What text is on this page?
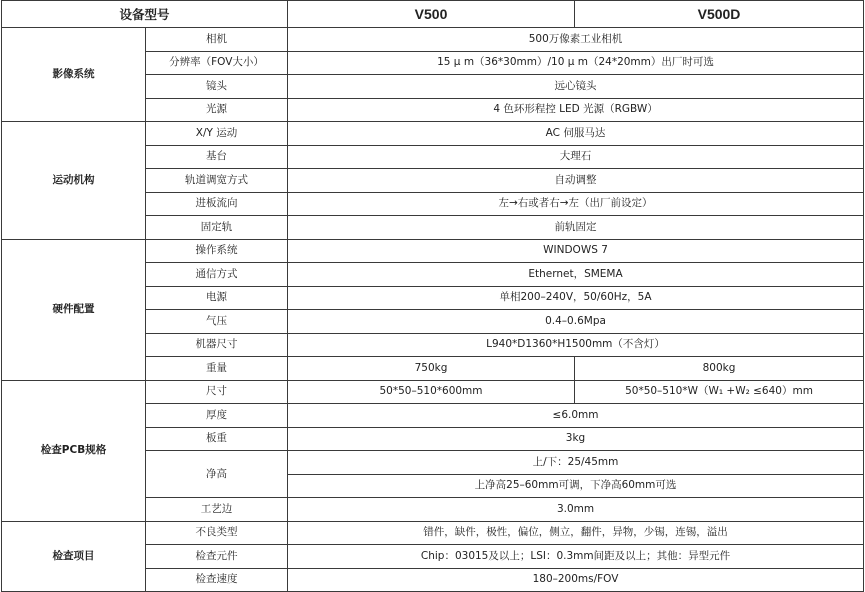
设备型号		V500	V500D
影像系统	相机	500万像素工业相机	
	分辨率（FOV大小）	15 μ m（36*30mm）/10 μ m（24*20mm）出厂时可选	
	镜头	远心镜头	
	光源	4 色环形程控 LED 光源（RGBW）	
运动机构	X/Y 运动	AC 伺服马达	
	基台	大理石	
	轨道调宽方式	自动调整	
	进板流向	左→右或者右→左（出厂前设定）	
	固定轨	前轨固定	
硬件配置	操作系统	WINDOWS 7	
	通信方式	Ethernet，SMEMA	
	电源	单相200–240V，50/60Hz，5A	
	气压	0.4–0.6Mpa	
	机器尺寸	L940*D1360*H1500mm（不含灯）	
	重量	750kg	800kg
检查PCB规格	尺寸	50*50–510*600mm	50*50–510*W（W₁ +W₂ ≤640）mm
	厚度	≤6.0mm	
	板重	3kg	
	净高	上/下：25/45mm	
		上净高25–60mm可调，下净高60mm可选	
	工艺边	3.0mm	
检查项目	不良类型	错件，缺件，极性，偏位，侧立，翻件，异物，少锡，连锡，溢出	
	检查元件	Chip：03015及以上；LSI：0.3mm间距及以上；其他：异型元件	
	检查速度	180–200ms/FOV	
